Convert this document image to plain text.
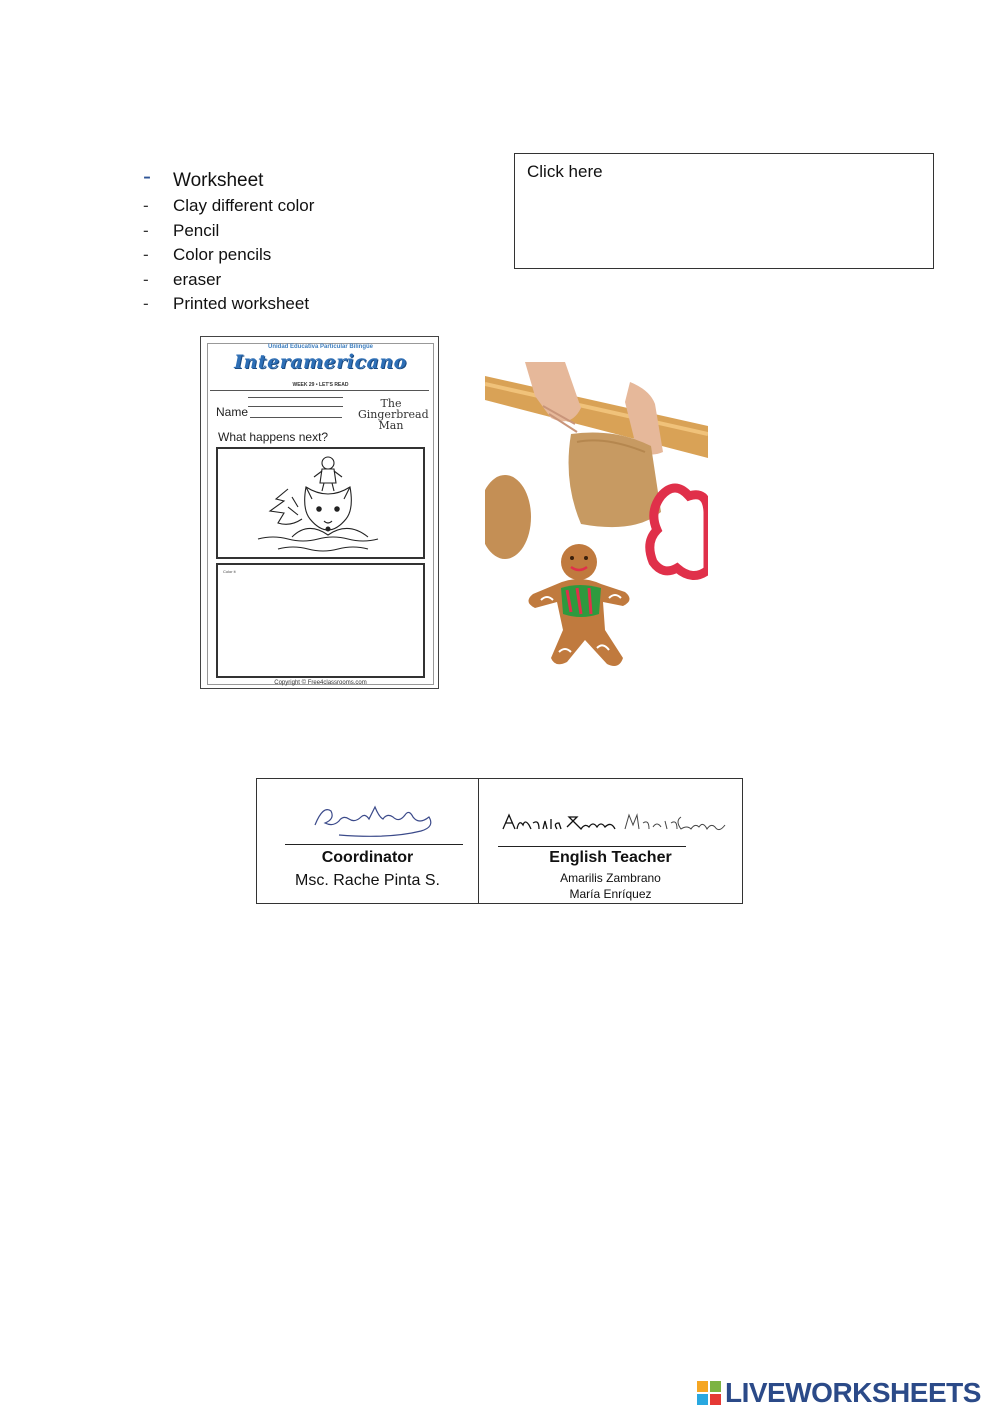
- Worksheet
- Clay different color
- Pencil
- Color pencils
- eraser
- Printed worksheet
Click here
Unidad Educativa Particular Bilingüe
Interamericano
WEEK 29 • LET'S READ
Name
The
Gingerbread
Man
What happens next?
Color it
Copyright © Free4classrooms.com
Coordinator
Msc. Rache Pinta S.
English Teacher
Amarilis Zambrano
María Enríquez
LIVEWORKSHEETS
